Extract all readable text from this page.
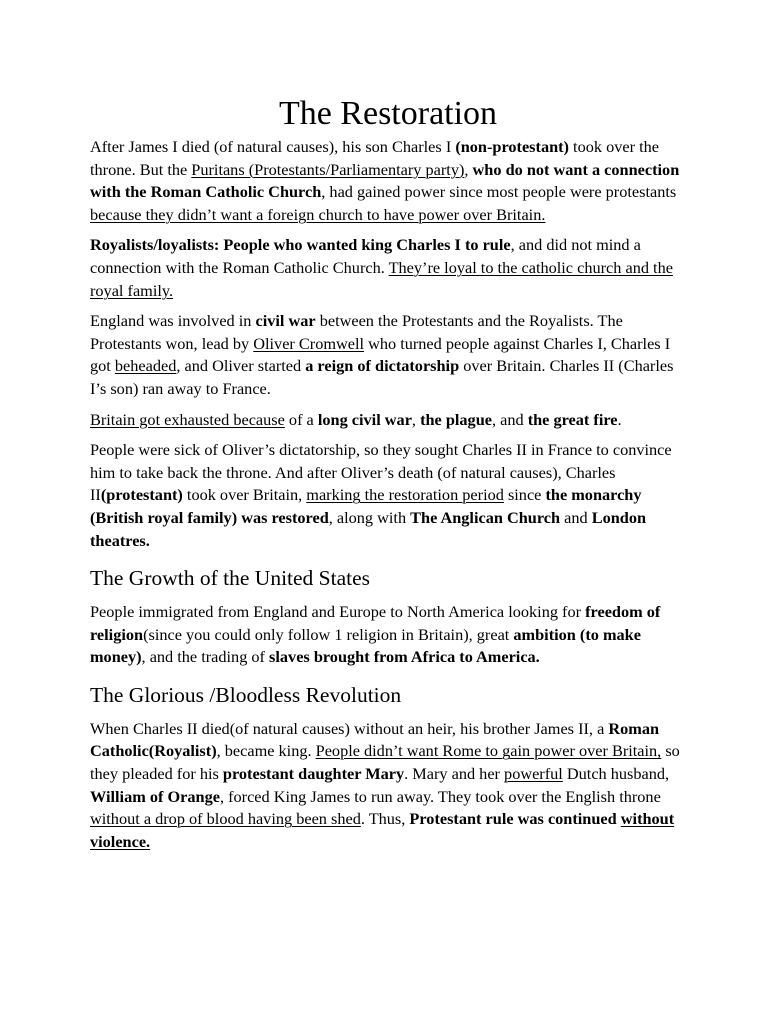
The Restoration

After James I died (of natural causes), his son Charles I (non-protestant) took over the throne. But the Puritans (Protestants/Parliamentary party), who do not want a connection with the Roman Catholic Church, had gained power since most people were protestants because they didn’t want a foreign church to have power over Britain.

Royalists/loyalists: People who wanted king Charles I to rule, and did not mind a connection with the Roman Catholic Church. They’re loyal to the catholic church and the royal family.

England was involved in civil war between the Protestants and the Royalists. The Protestants won, lead by Oliver Cromwell who turned people against Charles I, Charles I got beheaded, and Oliver started a reign of dictatorship over Britain. Charles II (Charles I’s son) ran away to France.

Britain got exhausted because of a long civil war, the plague, and the great fire.

People were sick of Oliver’s dictatorship, so they sought Charles II in France to convince him to take back the throne. And after Oliver’s death (of natural causes), Charles II(protestant) took over Britain, marking the restoration period since the monarchy (British royal family) was restored, along with The Anglican Church and London theatres.

The Growth of the United States

People immigrated from England and Europe to North America looking for freedom of religion(since you could only follow 1 religion in Britain), great ambition (to make money), and the trading of slaves brought from Africa to America.

The Glorious /Bloodless Revolution

When Charles II died(of natural causes) without an heir, his brother James II, a Roman Catholic(Royalist), became king. People didn’t want Rome to gain power over Britain, so they pleaded for his protestant daughter Mary. Mary and her powerful Dutch husband, William of Orange, forced King James to run away. They took over the English throne without a drop of blood having been shed. Thus, Protestant rule was continued without violence.
